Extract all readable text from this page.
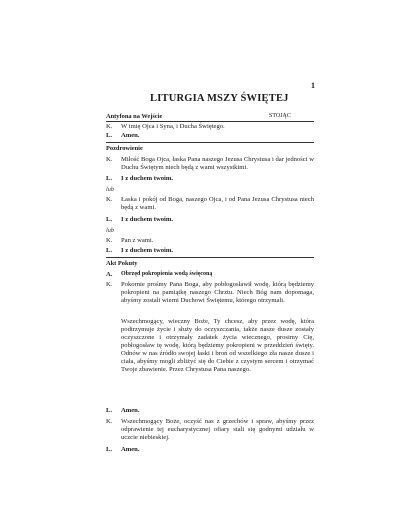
1
LITURGIA MSZY ŚWIĘTEJ
Antyfona na Wejście	STOJĄC
K. W imię Ojca i Syna, i Ducha Świętego.

L. Amen.

Pozdrowienie
K. Miłość Boga Ojca, łaska Pana naszego Jezusa Chrystusa i dar jedności w Duchu Świętym niech będą z wami wszystkimi.

L. I z duchem twoim.

lub
K. Łaska i pokój od Boga, naszego Ojca, i od Pana Jezusa Chrystusa niech będą z wami.

L. I z duchem twoim.

lub
K. Pan z wami.

L. I z duchem twoim.

Akt Pokuty
A. Obrzęd pokropienia wodą święconą
K. Pokornie prośmy Pana Boga, aby pobłogosławił wodę, którą będziemy pokropieni na pamiątkę naszego Chrztu. Niech Bóg nam dopomaga, abyśmy zostali wierni Duchowi Świętemu, którego otrzymali.

Wszechmogący, wieczny Boże, Ty chcesz, aby przez wodę, która podtrzymuje życie i służy do oczyszczania, także nasze dusze zostały oczyszczone i otrzymały zadatek życia wiecznego, prosimy Cię, pobłogosław tę wodę, którą będziemy pokropieni w przeddzień święty. Odnów w nas źródło swojej łaski i broń od wszelkiego zła nasze dusze i ciała, abyśmy mogli zbliżyć się do Ciebie z czystym sercem i otrzymać Twoje zbawienie. Przez Chrystusa Pana naszego.

L. Amen.

K. Wszechmogący Boże, oczyść nas z grzechów i spraw, abyśmy przez odprawienie tej eucharystycznej ofiary stali się godnymi udziału w uczcie niebieskiej.

L. Amen.
